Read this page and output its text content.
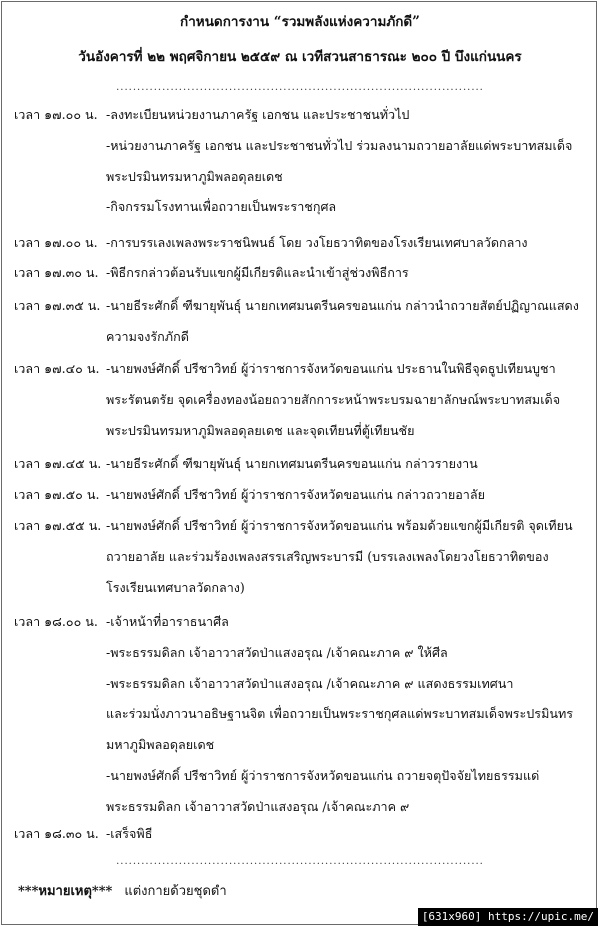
กำหนดการงาน “รวมพลังแห่งความภักดี”
วันอังคารที่ ๒๒ พฤศจิกายน ๒๕๕๙ ณ เวทีสวนสาธารณะ ๒๐๐ ปี บึงแก่นนคร
........................................................................................
เวลา ๑๗.๐๐ น. -ลงทะเบียนหน่วยงานภาครัฐ เอกชน และประชาชนทั่วไป
-หน่วยงานภาครัฐ เอกชน และประชาชนทั่วไป ร่วมลงนามถวายอาลัยแด่พระบาทสมเด็จ
พระปรมินทรมหาภูมิพลอดุลยเดช
-กิจกรรมโรงทานเพื่อถวายเป็นพระราชกุศล
เวลา ๑๗.๐๐ น. -การบรรเลงเพลงพระราชนิพนธ์ โดย วงโยธวาทิตของโรงเรียนเทศบาลวัดกลาง
เวลา ๑๗.๓๐ น. -พิธีกรกล่าวต้อนรับแขกผู้มีเกียรติและนำเข้าสู่ช่วงพิธีการ
เวลา ๑๗.๓๕ น. -นายธีระศักดิ์ ฑีฆายุพันธุ์ นายกเทศมนตรีนครขอนแก่น กล่าวนำถวายสัตย์ปฏิญาณแสดง
ความจงรักภักดี
เวลา ๑๗.๔๐ น. -นายพงษ์ศักดิ์ ปรีชาวิทย์ ผู้ว่าราชการจังหวัดขอนแก่น ประธานในพิธีจุดธูปเทียนบูชา
พระรัตนตรัย จุดเครื่องทองน้อยถวายสักการะหน้าพระบรมฉายาลักษณ์พระบาทสมเด็จ
พระปรมินทรมหาภูมิพลอดุลยเดช และจุดเทียนที่ตู้เทียนชัย
เวลา ๑๗.๔๕ น. -นายธีระศักดิ์ ฑีฆายุพันธุ์ นายกเทศมนตรีนครขอนแก่น กล่าวรายงาน
เวลา ๑๗.๕๐ น. -นายพงษ์ศักดิ์ ปรีชาวิทย์ ผู้ว่าราชการจังหวัดขอนแก่น กล่าวถวายอาลัย
เวลา ๑๗.๕๕ น. -นายพงษ์ศักดิ์ ปรีชาวิทย์ ผู้ว่าราชการจังหวัดขอนแก่น พร้อมด้วยแขกผู้มีเกียรติ จุดเทียน
ถวายอาลัย และร่วมร้องเพลงสรรเสริญพระบารมี (บรรเลงเพลงโดยวงโยธวาทิตของ
โรงเรียนเทศบาลวัดกลาง)
เวลา ๑๘.๐๐ น. -เจ้าหน้าที่อาราธนาศีล
-พระธรรมดิลก เจ้าอาวาสวัดป่าแสงอรุณ /เจ้าคณะภาค ๙ ให้ศีล
-พระธรรมดิลก เจ้าอาวาสวัดป่าแสงอรุณ /เจ้าคณะภาค ๙ แสดงธรรมเทศนา
และร่วมนั่งภาวนาอธิษฐานจิต เพื่อถวายเป็นพระราชกุศลแด่พระบาทสมเด็จพระปรมินทร
มหาภูมิพลอดุลยเดช
-นายพงษ์ศักดิ์ ปรีชาวิทย์ ผู้ว่าราชการจังหวัดขอนแก่น ถวายจตุปัจจัยไทยธรรมแด่
พระธรรมดิลก เจ้าอาวาสวัดป่าแสงอรุณ /เจ้าคณะภาค ๙
เวลา ๑๘.๓๐ น. -เสร็จพิธี
........................................................................................
***หมายเหตุ*** แต่งกายด้วยชุดดำ
[631x960] https://upic.me/
